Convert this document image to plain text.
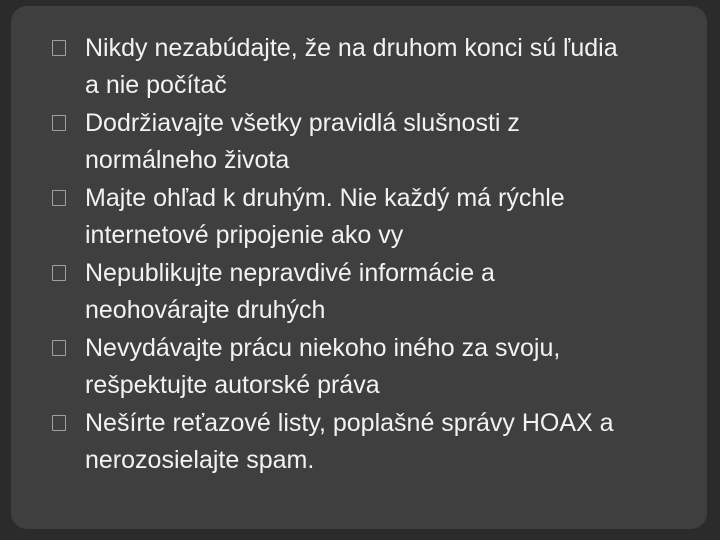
Nikdy nezabúdajte, že na druhom konci sú ľudia
a nie počítač
Dodržiavajte všetky pravidlá slušnosti z
normálneho života
Majte ohľad k druhým. Nie každý má rýchle
internetové pripojenie ako vy
Nepublikujte nepravdivé informácie a
neohovárajte druhých
Nevydávajte prácu niekoho iného za svoju,
rešpektujte autorské práva
Nešírte reťazové listy, poplašné správy HOAX a
nerozosielajte spam.
